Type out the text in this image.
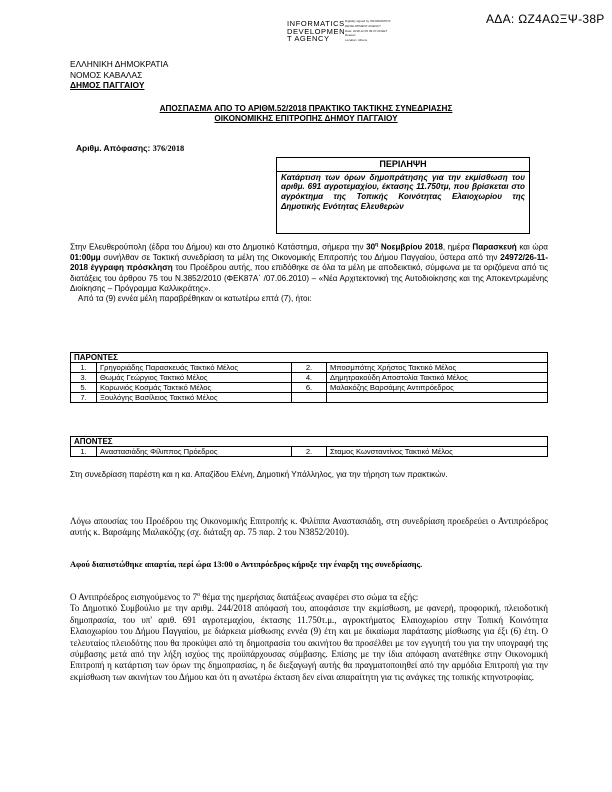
ΑΔΑ: ΩΖ4ΑΩΞΨ-38Ρ
INFORMATICS
DEVELOPMEN
T AGENCY
Digitally signed by INFORMATICS
DEVELOPMENT AGENCY
Date: 2018.12.05 09:37:20 EET
Reason:
Location: Athens
ΕΛΛΗΝΙΚΗ ΔΗΜΟΚΡΑΤΙΑ
ΝΟΜΟΣ ΚΑΒΑΛΑΣ
ΔΗΜΟΣ ΠΑΓΓΑΙΟΥ
ΑΠΟΣΠΑΣΜΑ ΑΠΟ ΤΟ ΑΡΙΘΜ.52/2018 ΠΡΑΚΤΙΚΟ ΤΑΚΤΙΚΗΣ ΣΥΝΕΔΡΙΑΣΗΣ
ΟΙΚΟΝΟΜΙΚΗΣ ΕΠΙΤΡΟΠΗΣ ΔΗΜΟΥ ΠΑΓΓΑΙΟΥ
Αριθμ. Απόφασης: 376/2018
ΠΕΡΙΛΗΨΗ
Κατάρτιση των όρων δημοπράτησης για την εκμίσθωση του αριθμ. 691 αγροτεμαχίου, έκτασης 11.750τμ, που βρίσκεται στο αγρόκτημα της Τοπικής Κοινότητας Ελαιοχωρίου της Δημοτικής Ενότητας Ελευθερών
Στην Ελευθερούπολη (έδρα του Δήμου) και στο Δημοτικό Κατάστημα, σήμερα την $30^\eta$ Νοεμβρίου 2018, ημέρα Παρασκευή και ώρα 01:00μμ συνήλθαν σε Τακτική συνεδρίαση τα μέλη της Οικονομικής Επιτροπής του Δήμου Παγγαίου, ύστερα από την 24972/26-11-2018 έγγραφη πρόσκληση του Προέδρου αυτής, που επιδόθηκε σε όλα τα μέλη με αποδεικτικό, σύμφωνα με τα οριζόμενα από τις διατάξεις του άρθρου 75 του Ν.3852/2010 (ΦΕΚ87Α΄ /07.06.2010) – «Νέα Αρχιτεκτονική της Αυτοδιοίκησης και της Αποκεντρωμένης Διοίκησης – Πρόγραμμα Καλλικράτης».
Από τα (9) εννέα μέλη παραβρέθηκαν οι κατωτέρω επτά (7), ήτοι:
ΠΑΡΟΝΤΕΣ			
1.	Γρηγοριάδης Παρασκευάς Τακτικό Μέλος	2.	Μποσμπότης Χρήστος Τακτικό Μέλος
3.	Θωμάς Γεώργιος Τακτικό Μέλος	4.	Δημητρακούδη Αποστολία Τακτικό Μέλος
5.	Κορωνιός Κοσμάς Τακτικό Μέλος	6.	Μαλακόζης Βαρσάμης Αντιπρόεδρος
7.	Ξουλόγης Βασίλειος Τακτικό Μέλος		
ΑΠΟΝΤΕΣ
1.	Αναστασιάδης Φίλιππος Πρόεδρος	2.	Σταμος Κωνσταντίνος Τακτικό Μέλος
Στη συνεδρίαση παρέστη και η κα. Απαζίδου Ελένη, Δημοτική Υπάλληλος, για την τήρηση των πρακτικών.
Λόγω απουσίας του Προέδρου της Οικονομικής Επιτροπής κ. Φιλίππα Αναστασιάδη, στη συνεδρίαση προεδρεύει ο Αντιπρόεδρος αυτής κ. Βαρσάμης Μαλακόζης (σχ. διάταξη αρ. 75 παρ. 2 του Ν3852/2010).
Αφού διαπιστώθηκε απαρτία, περί ώρα 13:00 ο Αντιπρόεδρος κήρυξε την έναρξη της συνεδρίασης.
Ο Αντιπρόεδρος εισηγούμενος το $7^o$ θέμα της ημερήσιας διατάξεως αναφέρει στο σώμα τα εξής:
Το Δημοτικό Συμβούλιο με την αριθμ. 244/2018 απόφασή του, αποφάσισε την εκμίσθωση, με φανερή, προφορική, πλειοδοτική δημοπρασία, του υπ' αριθ. 691 αγροτεμαχίου, έκτασης 11.750τ.μ., αγροκτήματος Ελαιοχωρίου στην Τοπική Κοινότητα Ελαιοχωρίου του Δήμου Παγγαίου, με διάρκεια μίσθωσης εννέα (9) έτη και με δικαίωμα παράτασης μίσθωσης για έξι (6) έτη. Ο τελευταίος πλειοδότης που θα προκύψει από τη δημοπρασία του ακινήτου θα προσέλθει με τον εγγυητή του για την υπογραφή της σύμβασης μετά από την λήξη ισχύος της προϋπάρχουσας σύμβασης. Επίσης με την ίδια απόφαση ανατέθηκε στην Οικονομική Επιτροπή η κατάρτιση των όρων της δημοπρασίας, η δε διεξαγωγή αυτής θα πραγματοποιηθεί από την αρμόδια Επιτροπή για την εκμίσθωση των ακινήτων του Δήμου και ότι η ανωτέρω έκταση δεν είναι απαραίτητη για τις ανάγκες της τοπικής κτηνοτροφίας.
